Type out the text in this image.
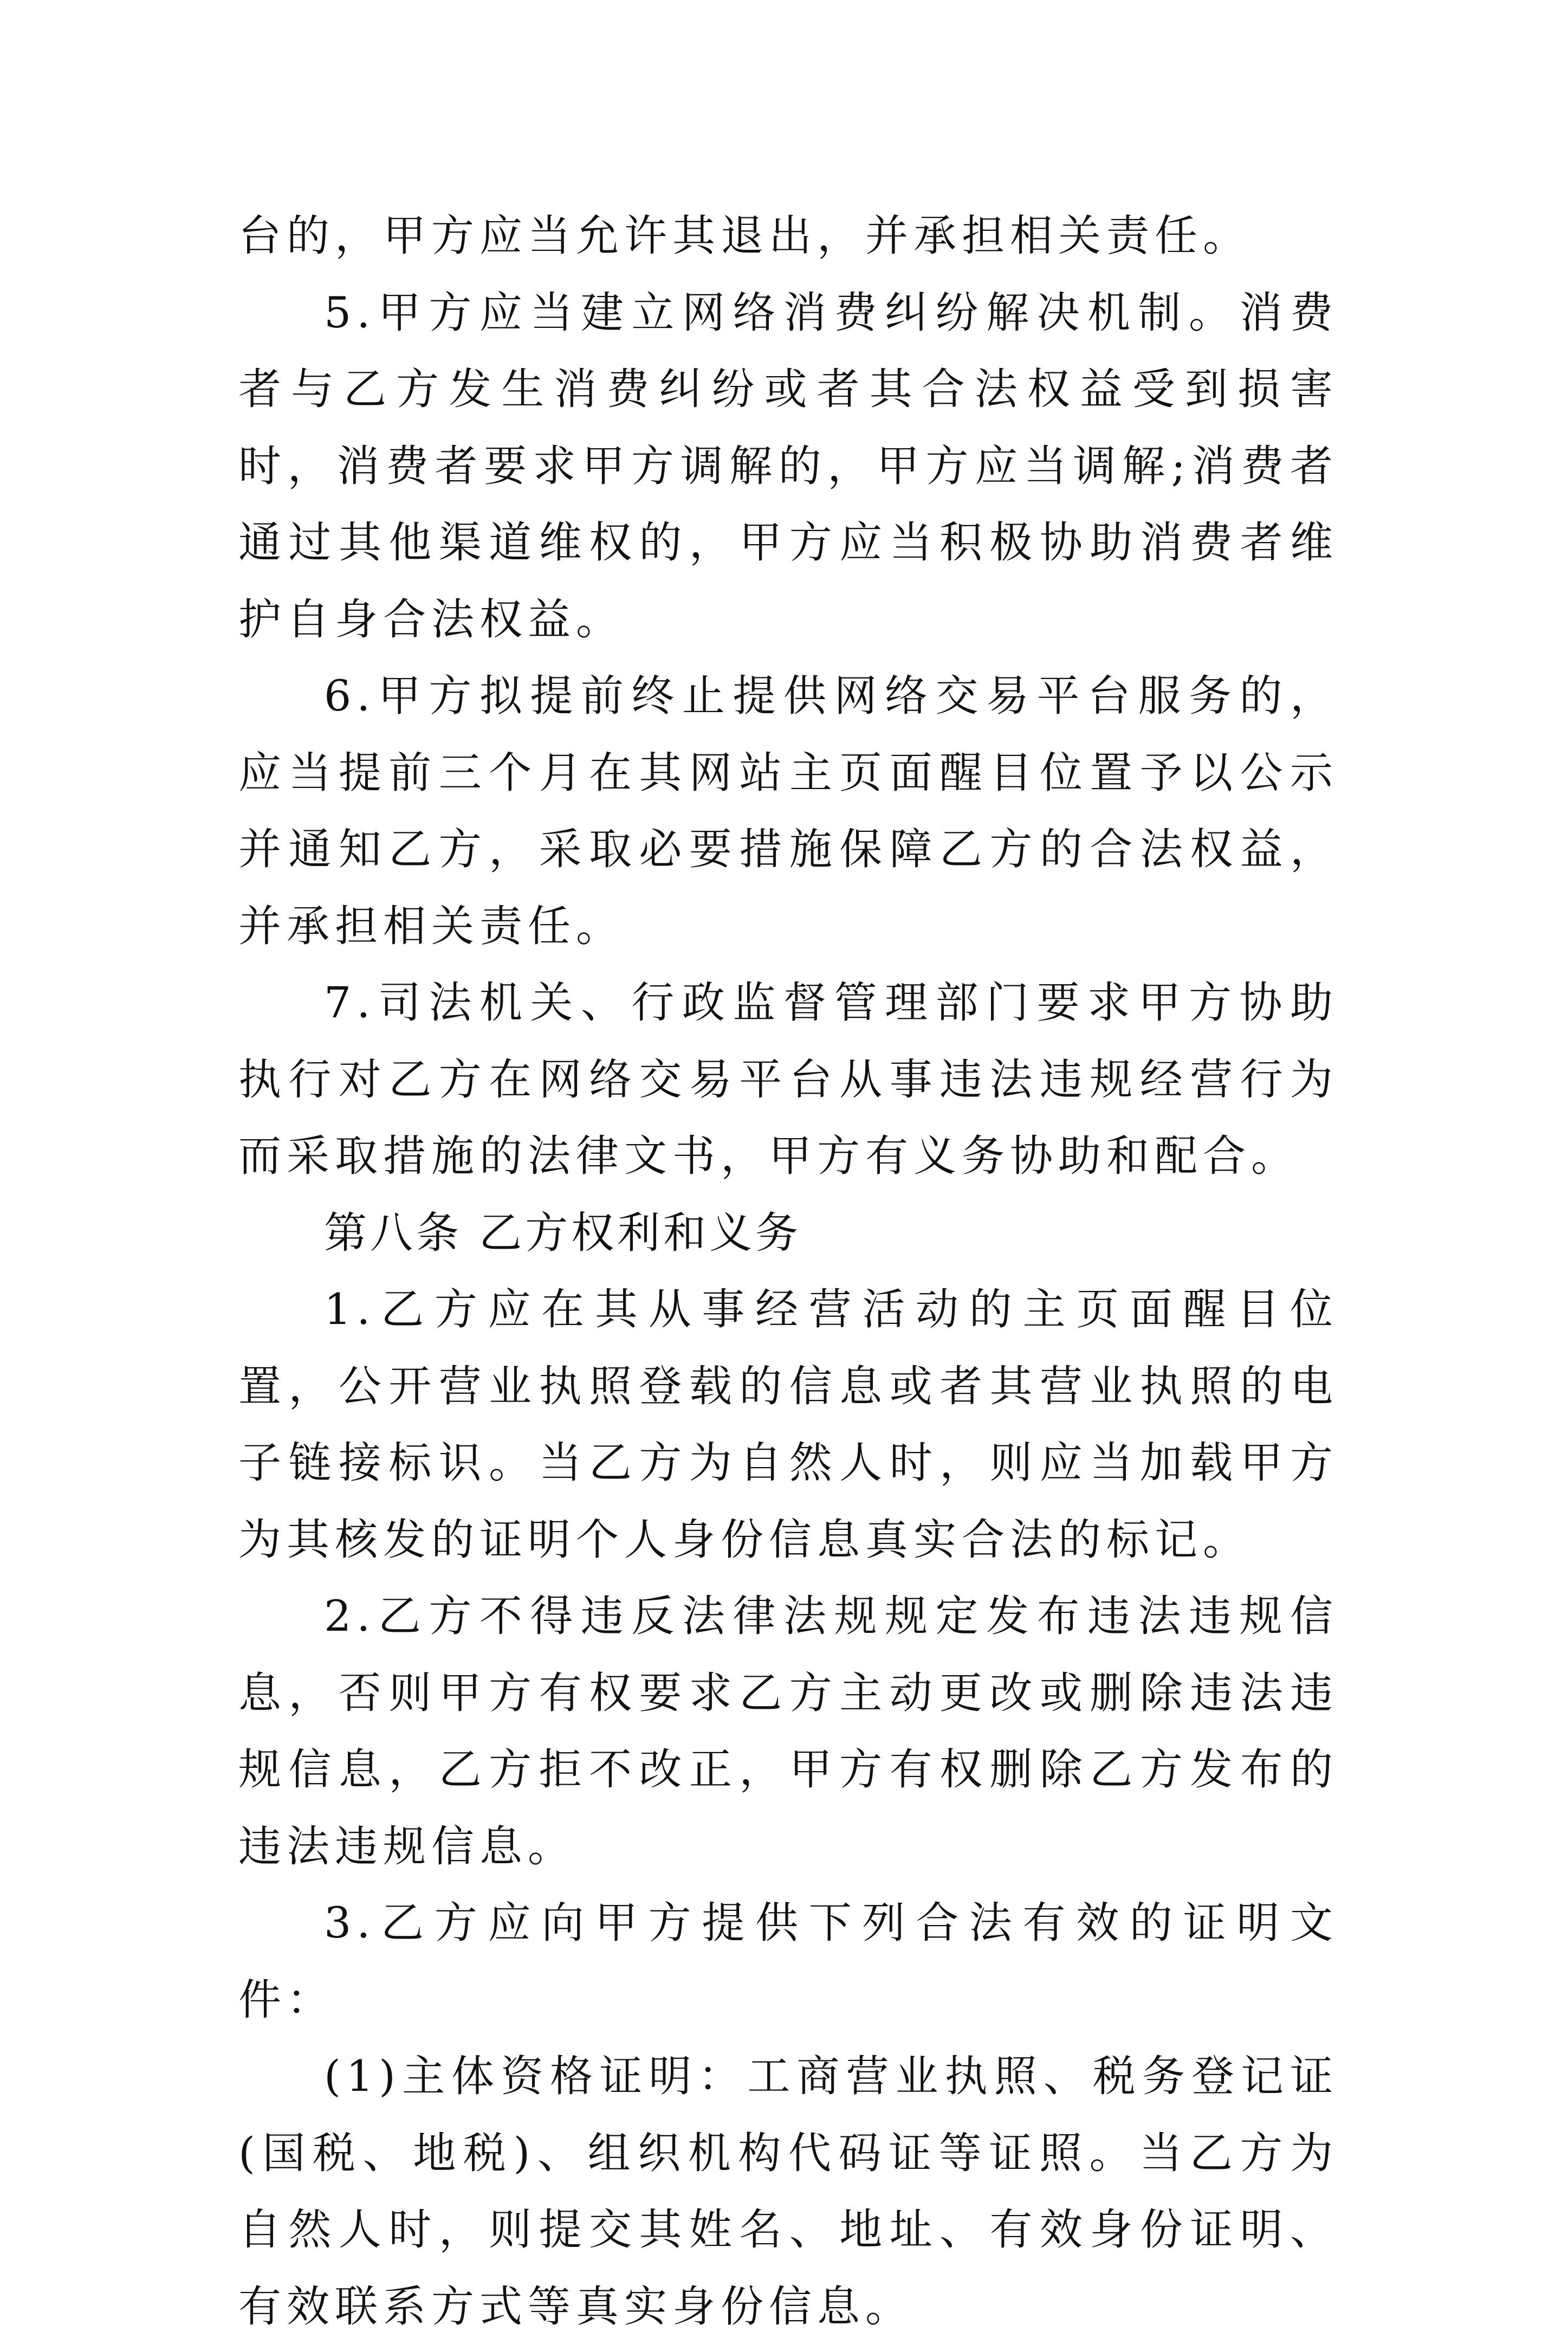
台的，甲方应当允许其退出，并承担相关责任。

5.甲方应当建立网络消费纠纷解决机制。消费者与乙方发生消费纠纷或者其合法权益受到损害时，消费者要求甲方调解的，甲方应当调解;消费者通过其他渠道维权的，甲方应当积极协助消费者维护自身合法权益。

6.甲方拟提前终止提供网络交易平台服务的，应当提前三个月在其网站主页面醒目位置予以公示并通知乙方，采取必要措施保障乙方的合法权益，并承担相关责任。

7.司法机关、行政监督管理部门要求甲方协助执行对乙方在网络交易平台从事违法违规经营行为而采取措施的法律文书，甲方有义务协助和配合。

第八条 乙方权利和义务

1.乙方应在其从事经营活动的主页面醒目位置，公开营业执照登载的信息或者其营业执照的电子链接标识。当乙方为自然人时，则应当加载甲方为其核发的证明个人身份信息真实合法的标记。

2.乙方不得违反法律法规规定发布违法违规信息，否则甲方有权要求乙方主动更改或删除违法违规信息，乙方拒不改正，甲方有权删除乙方发布的违法违规信息。

3.乙方应向甲方提供下列合法有效的证明文件：

(1)主体资格证明：工商营业执照、税务登记证(国税、地税)、组织机构代码证等证照。当乙方为自然人时，则提交其姓名、地址、有效身份证明、有效联系方式等真实身份信息。
